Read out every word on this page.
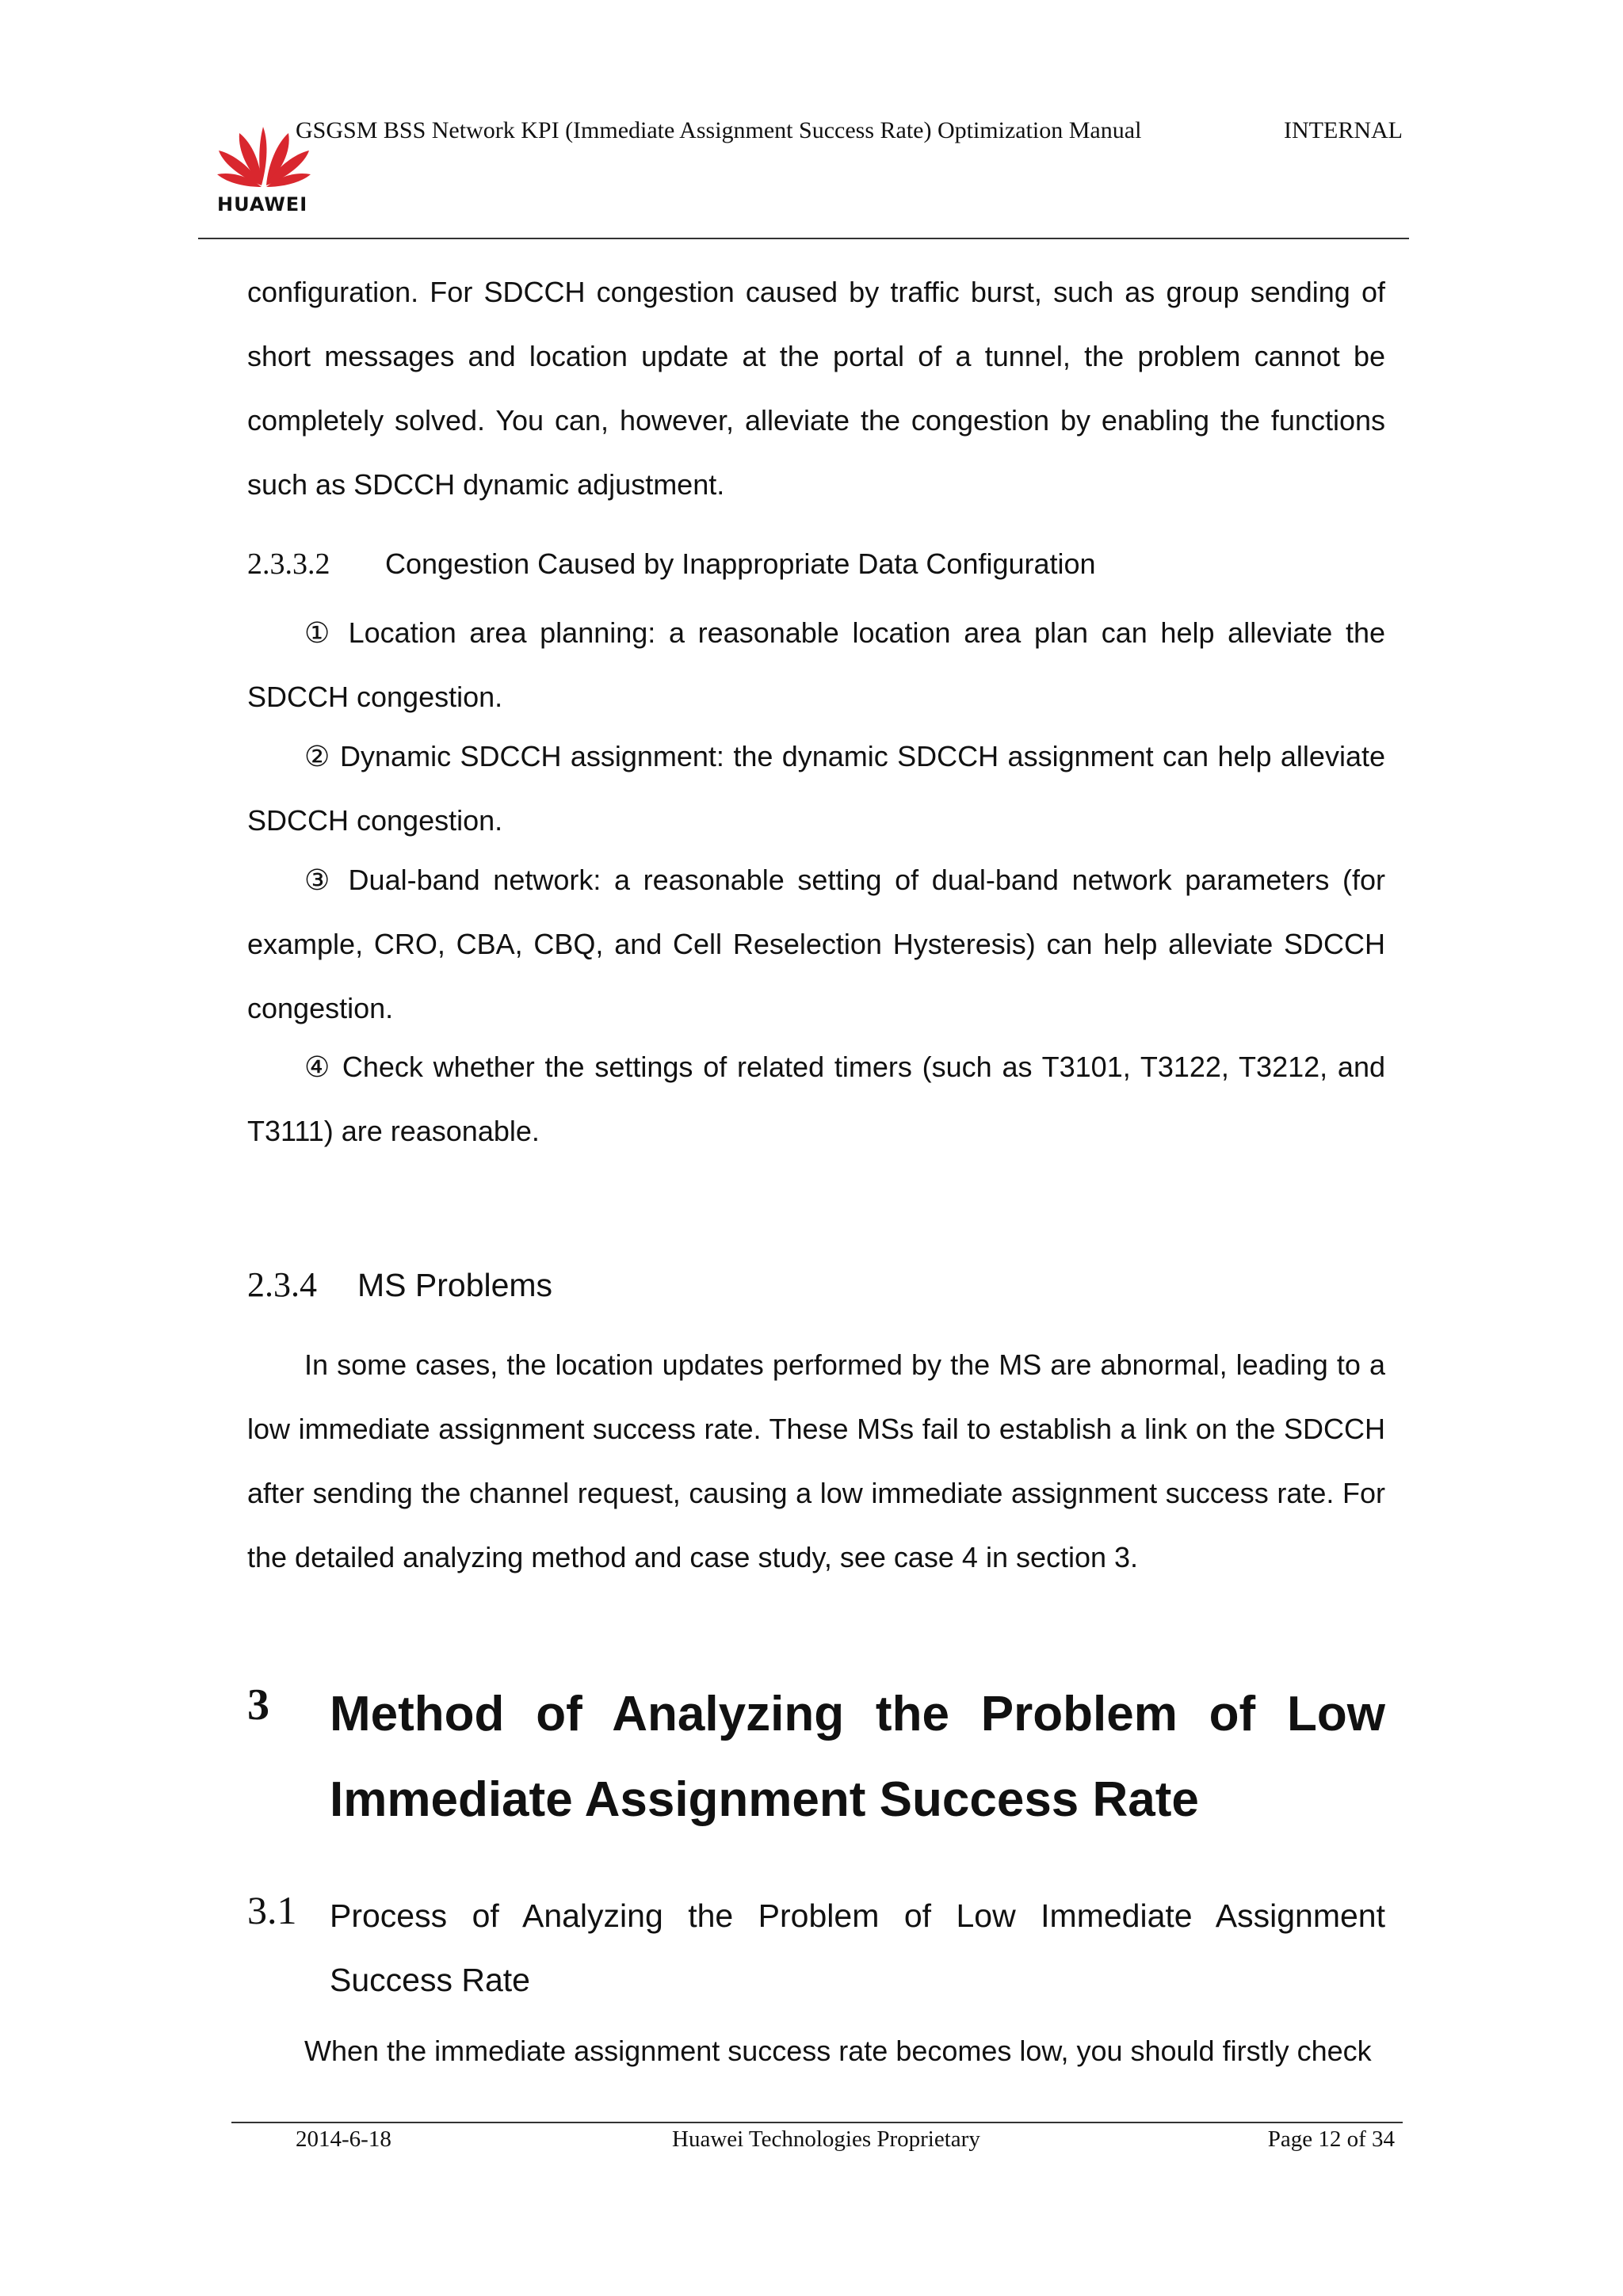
HUAWEI
GSGSM BSS Network KPI (Immediate Assignment Success Rate) Optimization Manual	INTERNAL
configuration. For SDCCH congestion caused by traffic burst, such as group sending of short messages and location update at the portal of a tunnel, the problem cannot be completely solved. You can, however, alleviate the congestion by enabling the functions such as SDCCH dynamic adjustment.
2.3.3.2 Congestion Caused by Inappropriate Data Configuration
① Location area planning: a reasonable location area plan can help alleviate the SDCCH congestion.
② Dynamic SDCCH assignment: the dynamic SDCCH assignment can help alleviate SDCCH congestion.
③ Dual-band network: a reasonable setting of dual-band network parameters (for example, CRO, CBA, CBQ, and Cell Reselection Hysteresis) can help alleviate SDCCH congestion.
④ Check whether the settings of related timers (such as T3101, T3122, T3212, and T3111) are reasonable.
2.3.4 MS Problems
In some cases, the location updates performed by the MS are abnormal, leading to a low immediate assignment success rate. These MSs fail to establish a link on the SDCCH after sending the channel request, causing a low immediate assignment success rate. For the detailed analyzing method and case study, see case 4 in section 3.
3 Method of Analyzing the Problem of Low Immediate Assignment Success Rate
3.1 Process of Analyzing the Problem of Low Immediate Assignment Success Rate
When the immediate assignment success rate becomes low, you should firstly check
2014-6-18	Huawei Technologies Proprietary	Page 12 of 34
